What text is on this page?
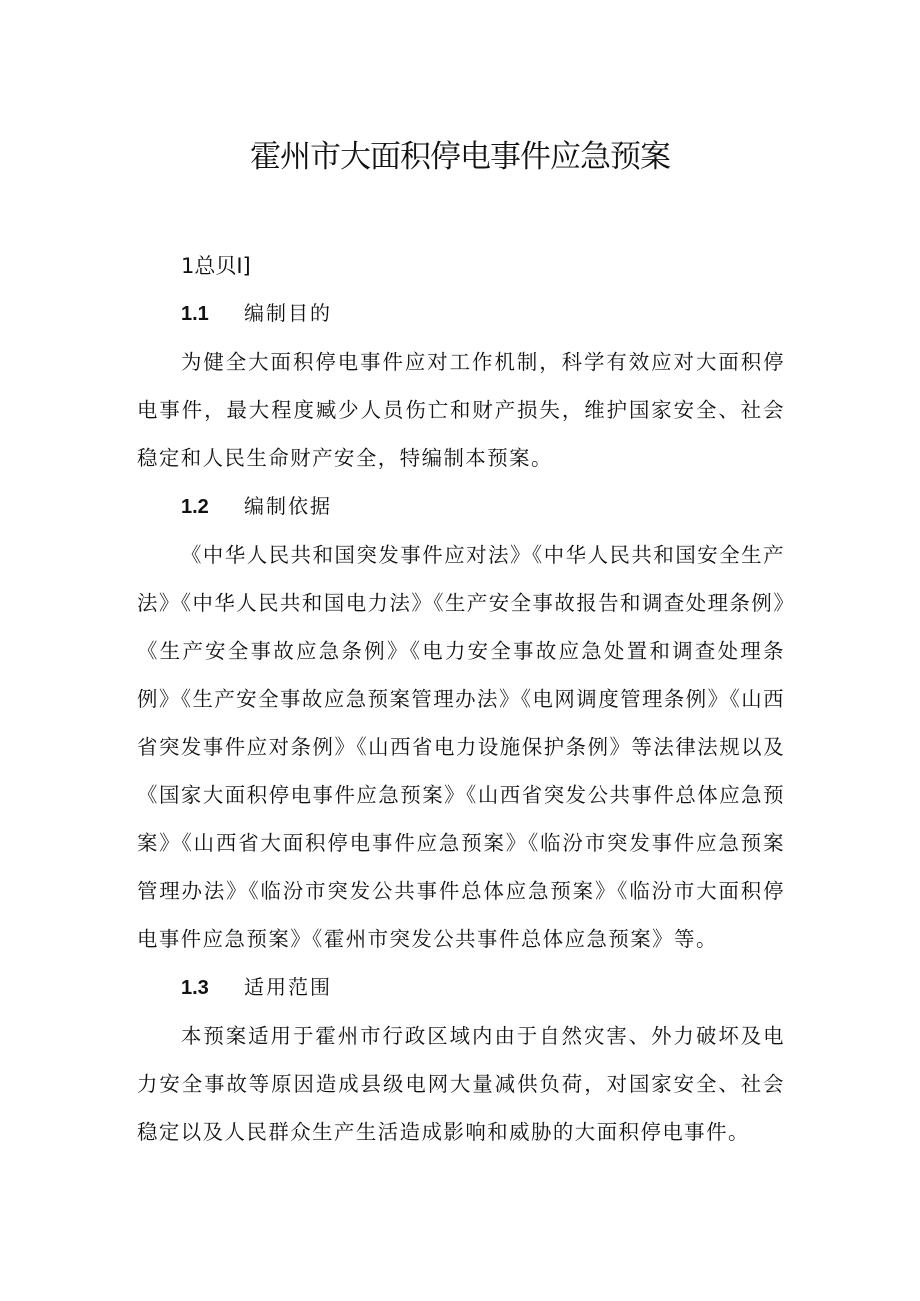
霍州市大面积停电事件应急预案
1总贝I]
1.1 编制目的

为健全大面积停电事件应对工作机制，科学有效应对大面积停电事件，最大程度臧少人员伤亡和财产损失，维护国家安全、社会稳定和人民生命财产安全，特编制本预案。

1.2 编制依据

《中华人民共和国突发事件应对法》《中华人民共和国安全生产法》《中华人民共和国电力法》《生产安全事故报告和调查处理条例》《生产安全事故应急条例》《电力安全事故应急处置和调查处理条例》《生产安全事故应急预案管理办法》《电网调度管理条例》《山西省突发事件应对条例》《山西省电力设施保护条例》等法律法规以及《国家大面积停电事件应急预案》《山西省突发公共事件总体应急预案》《山西省大面积停电事件应急预案》《临汾市突发事件应急预案管理办法》《临汾市突发公共事件总体应急预案》《临汾市大面积停电事件应急预案》《霍州市突发公共事件总体应急预案》等。

1.3 适用范围

本预案适用于霍州市行政区域内由于自然灾害、外力破坏及电力安全事故等原因造成县级电网大量减供负荷，对国家安全、社会稳定以及人民群众生产生活造成影响和威胁的大面积停电事件。
